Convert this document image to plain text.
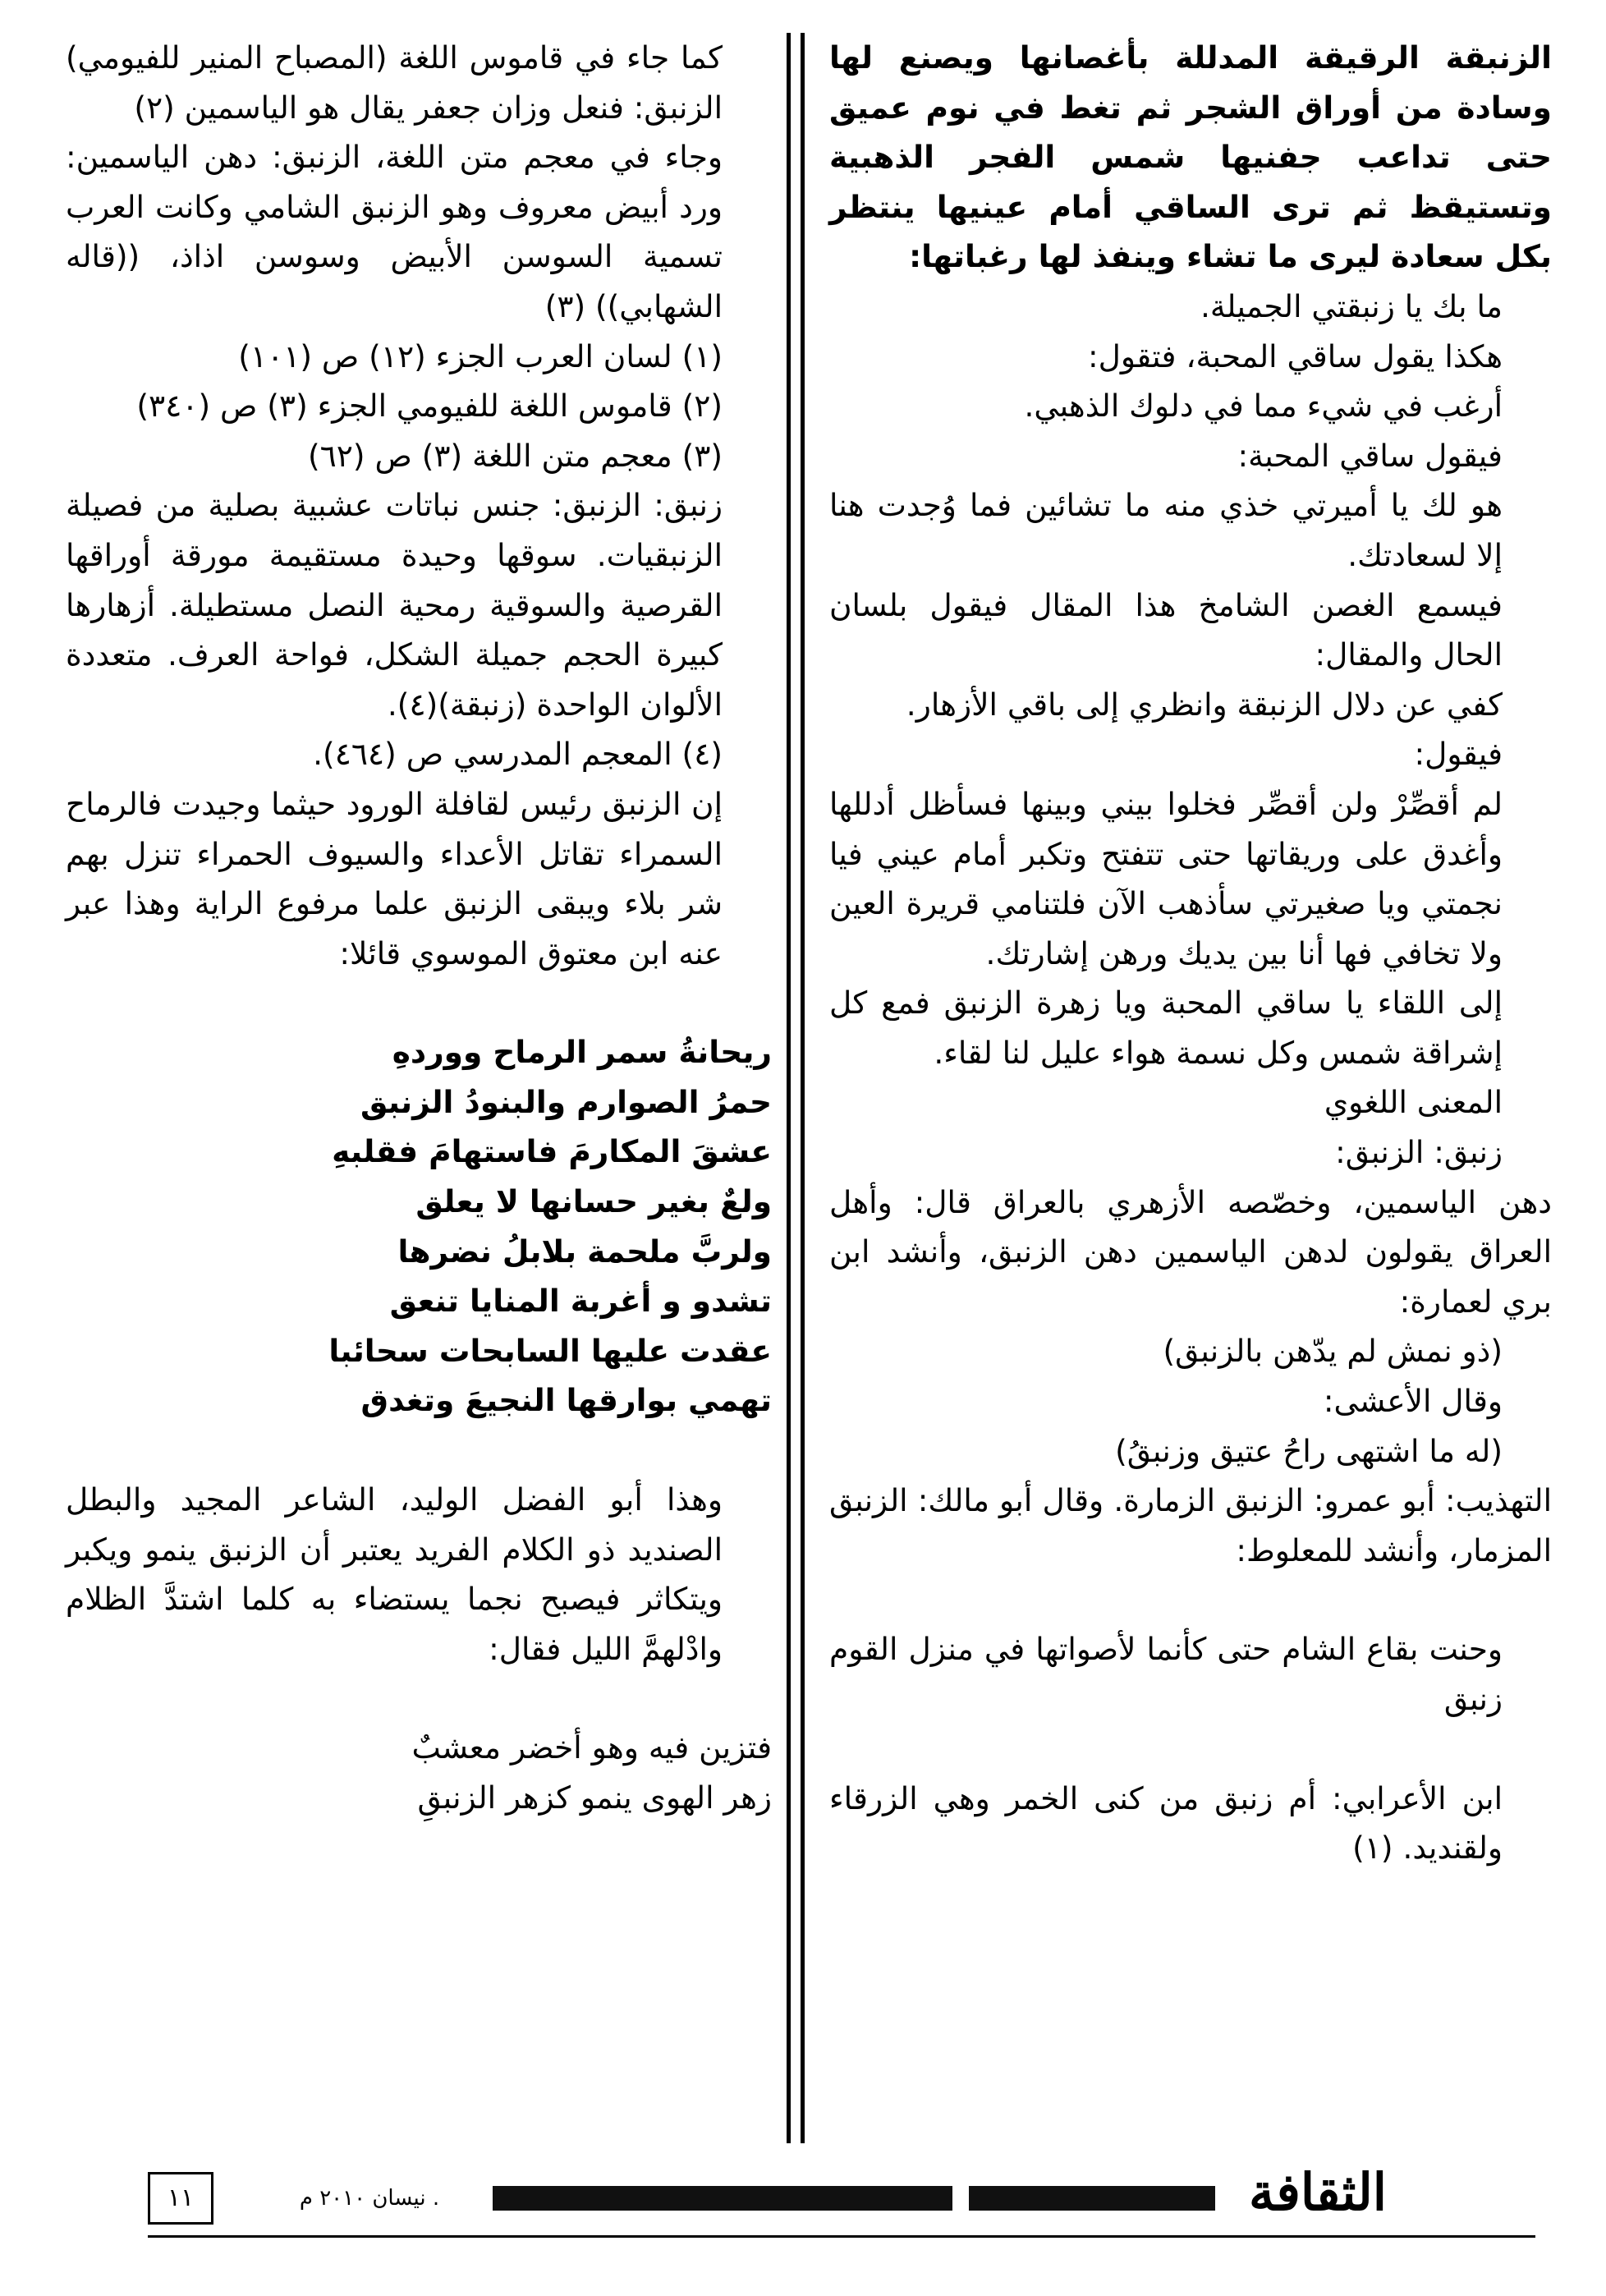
الزنبقة الرقيقة المدللة بأغصانها ويصنع لها وسادة من أوراق الشجر ثم تغط في نوم عميق حتى تداعب جفنيها شمس الفجر الذهبية وتستيقظ ثم ترى الساقي أمام عينيها ينتظر بكل سعادة ليرى ما تشاء وينفذ لها رغباتها:

ما بك يا زنبقتي الجميلة.

هكذا يقول ساقي المحبة، فتقول:

أرغب في شيء مما في دلوك الذهبي.

فيقول ساقي المحبة:

هو لك يا أميرتي خذي منه ما تشائين فما وُجدت هنا إلا لسعادتك.

فيسمع الغصن الشامخ هذا المقال فيقول بلسان الحال والمقال:

كفي عن دلال الزنبقة وانظري إلى باقي الأزهار.

فيقول:

لم أقصِّرْ ولن أقصِّر فخلوا بيني وبينها فسأظل أدللها وأغدق على وريقاتها حتى تتفتح وتكبر أمام عيني فيا نجمتي ويا صغيرتي سأذهب الآن فلتنامي قريرة العين ولا تخافي فها أنا بين يديك ورهن إشارتك.

إلى اللقاء يا ساقي المحبة ويا زهرة الزنبق فمع كل إشراقة شمس وكل نسمة هواء عليل لنا لقاء.

المعنى اللغوي

زنبق: الزنبق:

دهن الياسمين، وخصّصه الأزهري بالعراق قال: وأهل العراق يقولون لدهن الياسمين دهن الزنبق، وأنشد ابن بري لعمارة:

(ذو نمش لم يدّهن بالزنبق)

وقال الأعشى:

(له ما اشتهى راحُ عتيق وزنبقُ)

التهذيب: أبو عمرو: الزنبق الزمارة. وقال أبو مالك: الزنبق المزمار، وأنشد للمعلوط:

وحنت بقاع الشام حتى كأنما لأصواتها في منزل القوم زنبق

ابن الأعرابي: أم زنبق من كنى الخمر وهي الزرقاء ولقنديد. (١)

كما جاء في قاموس اللغة (المصباح المنير للفيومي) الزنبق: فنعل وزان جعفر يقال هو الياسمين (٢)

وجاء في معجم متن اللغة، الزنبق: دهن الياسمين: ورد أبيض معروف وهو الزنبق الشامي وكانت العرب تسمية السوسن الأبيض وسوسن اذاذ، ((قاله الشهابي)) (٣)

(١) لسان العرب الجزء (١٢) ص (١٠١)

(٢) قاموس اللغة للفيومي الجزء (٣) ص (٣٤٠)

(٣) معجم متن اللغة (٣) ص (٦٢)

زنبق: الزنبق: جنس نباتات عشبية بصلية من فصيلة الزنبقيات. سوقها وحيدة مستقيمة مورقة أوراقها القرصية والسوقية رمحية النصل مستطيلة. أزهارها كبيرة الحجم جميلة الشكل، فواحة العرف. متعددة الألوان الواحدة (زنبقة)(٤).

(٤) المعجم المدرسي ص (٤٦٤).

إن الزنبق رئيس لقافلة الورود حيثما وجيدت فالرماح السمراء تقاتل الأعداء والسيوف الحمراء تنزل بهم شر بلاء ويبقى الزنبق علما مرفوع الراية وهذا عبر عنه ابن معتوق الموسوي قائلا:

ريحانةُ سمر الرماح ووردهِ

حمرُ الصوارم والبنودُ الزنبق

عشقَ المكارمَ فاستهامَ فقلبهِ

ولعٌ بغير حسانها لا يعلق

ولربَّ ملحمة بلابلُ نضرها

تشدو و أغربة المنايا تنعق

عقدت عليها السابحات سحائبا

تهمي بوارقها النجيعَ وتغدق

وهذا أبو الفضل الوليد، الشاعر المجيد والبطل الصنديد ذو الكلام الفريد يعتبر أن الزنبق ينمو ويكبر ويتكاثر فيصبح نجما يستضاء به كلما اشتدَّ الظلام وادْلهمَّ الليل فقال:

فتزين فيه وهو أخضر معشبٌ

زهر الهوى ينمو كزهر الزنبقِ

الثقافة
. نيسان ٢٠١٠ م
١١
